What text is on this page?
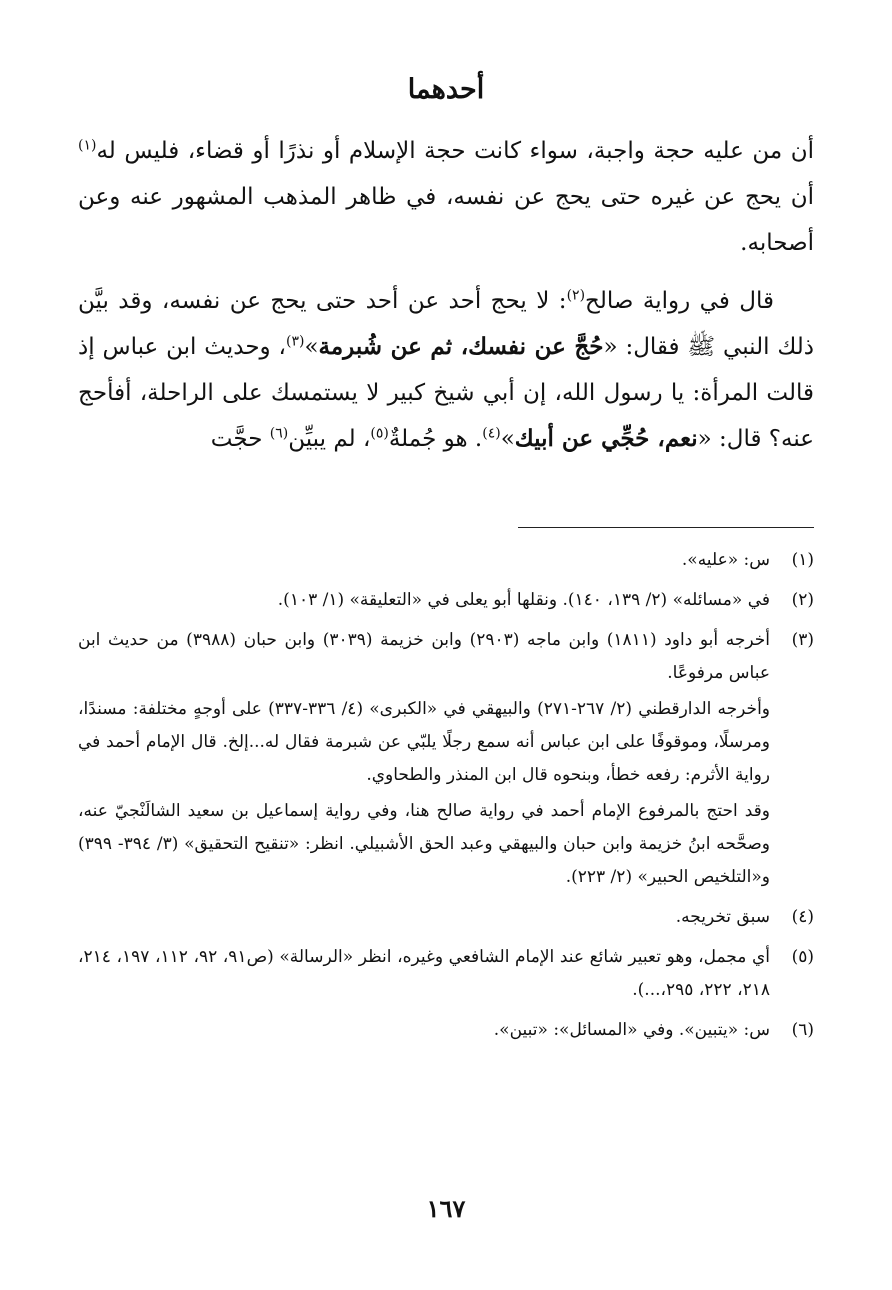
أحدهما

أن من عليه حجة واجبة، سواء كانت حجة الإسلام أو نذرًا أو قضاء، فليس له$^{(١)}$ أن يحج عن غيره حتى يحج عن نفسه، في ظاهر المذهب المشهور عنه وعن أصحابه.

قال في رواية صالح$^{(٢)}$: لا يحج أحد عن أحد حتى يحج عن نفسه، وقد بيَّن ذلك النبي ﷺ فقال: «حُجَّ عن نفسك، ثم عن شُبرمة»$^{(٣)}$، وحديث ابن عباس إذ قالت المرأة: يا رسول الله، إن أبي شيخ كبير لا يستمسك على الراحلة، أفأحج عنه؟ قال: «نعم، حُجِّي عن أبيك»$^{(٤)}$. هو جُملةٌ$^{(٥)}$، لم يبيِّن$^{(٦)}$ حجَّت

(١)

س: «عليه».

(٢)

في «مسائله» (٢/ ١٣٩، ١٤٠). ونقلها أبو يعلى في «التعليقة» (١/ ١٠٣).

(٣)

أخرجه أبو داود (١٨١١) وابن ماجه (٢٩٠٣) وابن خزيمة (٣٠٣٩) وابن حبان (٣٩٨٨) من حديث ابن عباس مرفوعًا.

وأخرجه الدارقطني (٢/ ٢٦٧-٢٧١) والبيهقي في «الكبرى» (٤/ ٣٣٦-٣٣٧) على أوجهٍ مختلفة: مسندًا، ومرسلًا، وموقوفًا على ابن عباس أنه سمع رجلًا يلبّي عن شبرمة فقال له...إلخ. قال الإمام أحمد في رواية الأثرم: رفعه خطأ، وبنحوه قال ابن المنذر والطحاوي.

وقد احتج بالمرفوع الإمام أحمد في رواية صالح هنا، وفي رواية إسماعيل بن سعيد الشالَنْجيّ عنه، وصحَّحه ابنُ خزيمة وابن حبان والبيهقي وعبد الحق الأشبيلي. انظر: «تنقيح التحقيق» (٣/ ٣٩٤- ٣٩٩) و«التلخيص الحبير» (٢/ ٢٢٣).

(٤)

سبق تخريجه.

(٥)

أي مجمل، وهو تعبير شائع عند الإمام الشافعي وغيره، انظر «الرسالة» (ص٩١، ٩٢، ١١٢، ١٩٧، ٢١٤، ٢١٨، ٢٢٢، ٢٩٥،...).

(٦)

س: «يتبين». وفي «المسائل»: «تبين».

١٦٧
